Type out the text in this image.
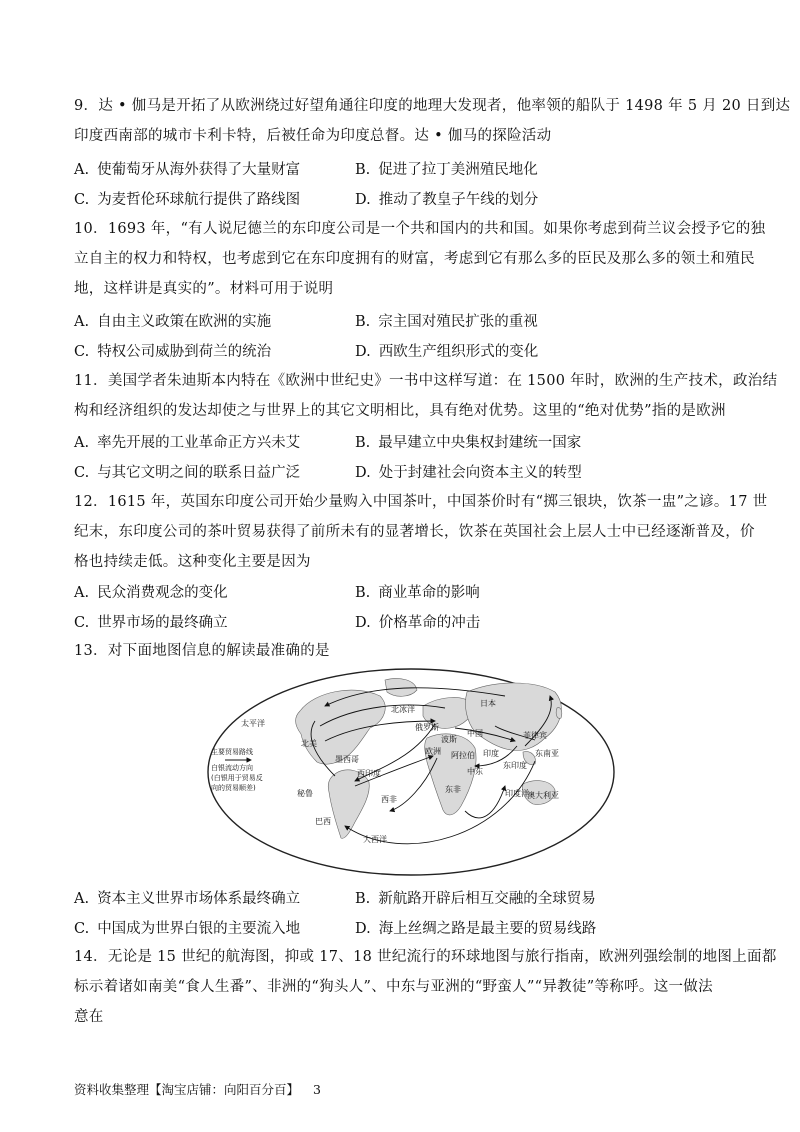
9．达 • 伽马是开拓了从欧洲绕过好望角通往印度的地理大发现者，他率领的船队于 1498 年 5 月 20 日到达
印度西南部的城市卡利卡特，后被任命为印度总督。达 • 伽马的探险活动
A. 使葡萄牙从海外获得了大量财富	B. 促进了拉丁美洲殖民地化
C. 为麦哲伦环球航行提供了路线图	D. 推动了教皇子午线的划分
10．1693 年，“有人说尼德兰的东印度公司是一个共和国内的共和国。如果你考虑到荷兰议会授予它的独
立自主的权力和特权，也考虑到它在东印度拥有的财富，考虑到它有那么多的臣民及那么多的领土和殖民
地，这样讲是真实的”。材料可用于说明
A. 自由主义政策在欧洲的实施	B. 宗主国对殖民扩张的重视
C. 特权公司威胁到荷兰的统治	D. 西欧生产组织形式的变化
11．美国学者朱迪斯本内特在《欧洲中世纪史》一书中这样写道：在 1500 年时，欧洲的生产技术，政治结
构和经济组织的发达却使之与世界上的其它文明相比，具有绝对优势。这里的“绝对优势”指的是欧洲
A. 率先开展的工业革命正方兴未艾	B. 最早建立中央集权封建统一国家
C. 与其它文明之间的联系日益广泛	D. 处于封建社会向资本主义的转型
12．1615 年，英国东印度公司开始少量购入中国茶叶，中国茶价时有“掷三银块，饮茶一盅”之谚。17 世
纪末，东印度公司的茶叶贸易获得了前所未有的显著增长，饮茶在英国社会上层人士中已经逐渐普及，价
格也持续走低。这种变化主要是因为
A. 民众消费观念的变化	B. 商业革命的影响
C. 世界市场的最终确立	D. 价格革命的冲击
13．对下面地图信息的解读最准确的是
主要贸易路线
白银流动方向
(白银用于贸易反
向的贸易顺差)
太平洋
北冰洋
日本
北美
中国	菲律宾
东南亚
秘鲁
巴西
西非
东非
欧洲
印度洋
大西洋
俄罗斯
波斯
阿拉伯
墨西哥
印度
澳大利亚
西印度	中东
东印度
A. 资本主义世界市场体系最终确立	B. 新航路开辟后相互交融的全球贸易
C. 中国成为世界白银的主要流入地	D. 海上丝绸之路是最主要的贸易线路
14．无论是 15 世纪的航海图，抑或 17、18 世纪流行的环球地图与旅行指南，欧洲列强绘制的地图上面都
标示着诸如南美“食人生番”、非洲的“狗头人”、中东与亚洲的“野蛮人”“异教徒”等称呼。这一做法
意在
资料收集整理【淘宝店铺：向阳百分百】 3
